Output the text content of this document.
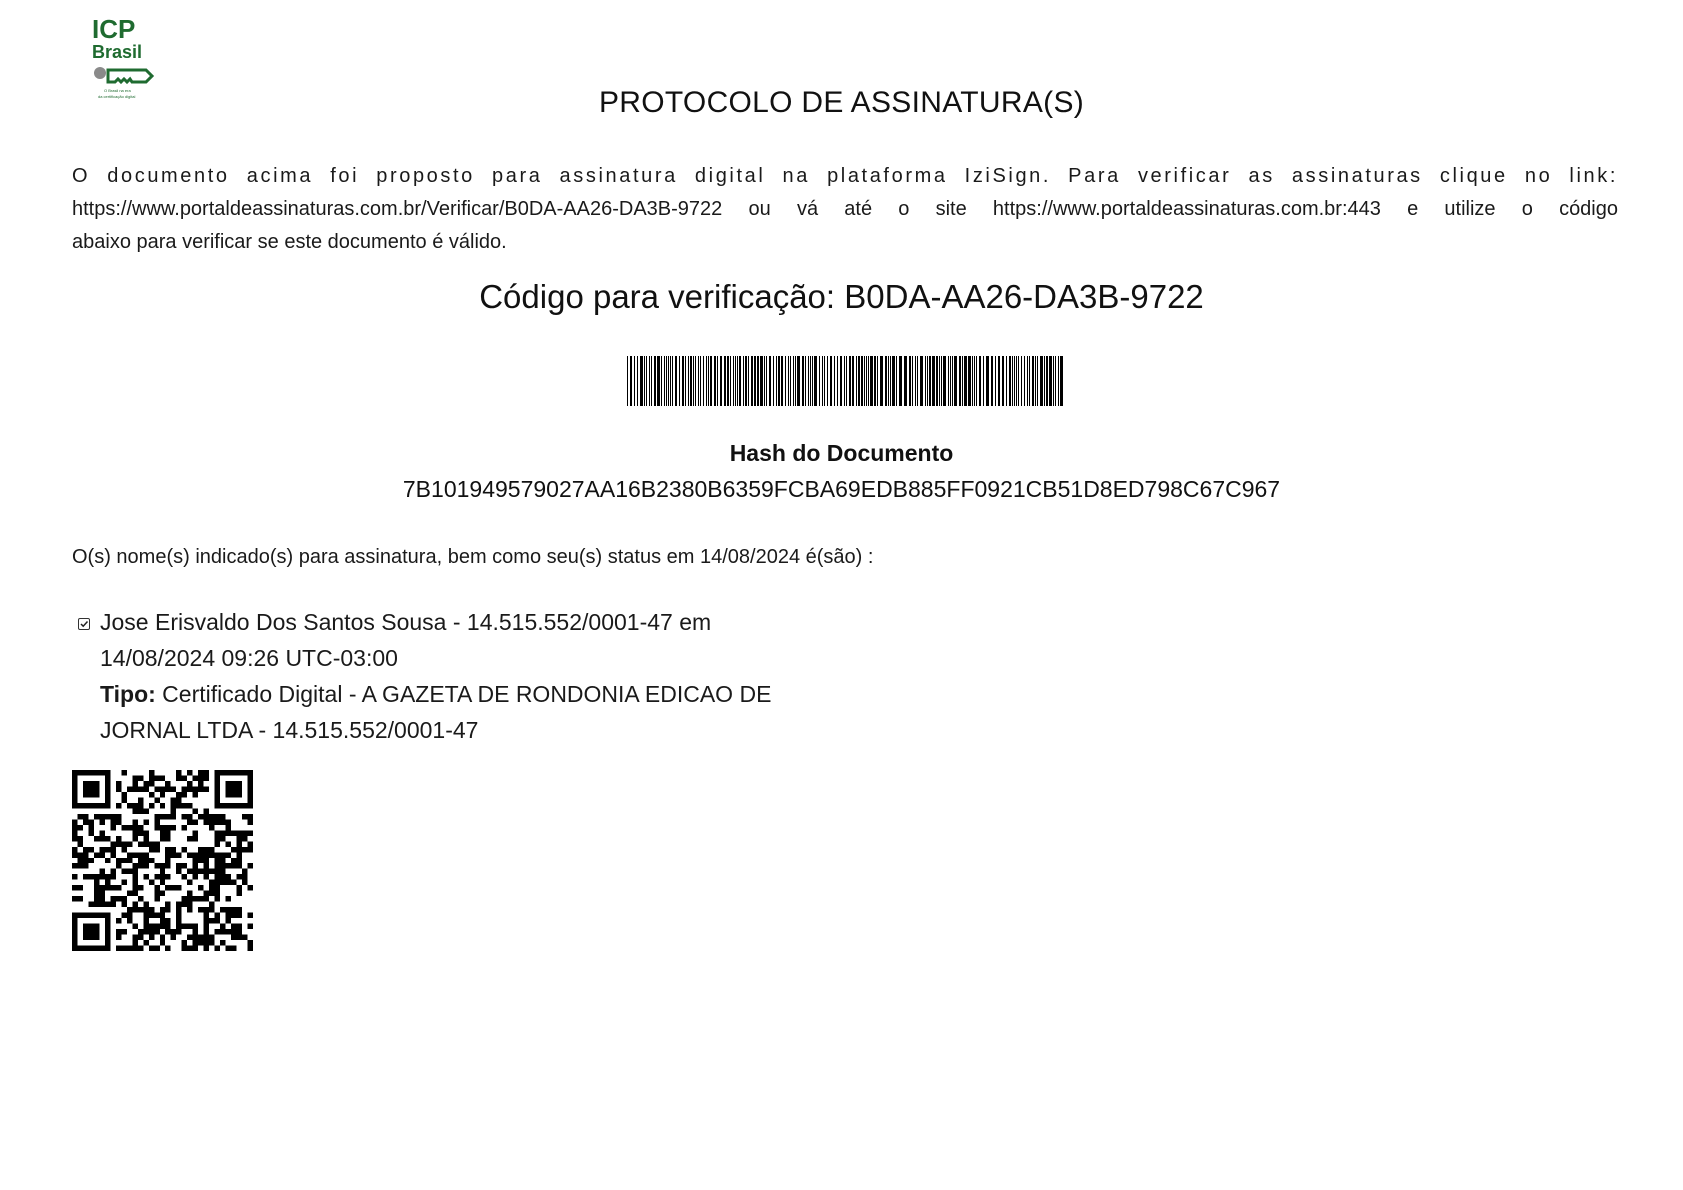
ICP
Brasil
O Brasil na era
da certificação digital	PROTOCOLO DE ASSINATURA(S)
O documento acima foi proposto para assinatura digital na plataforma IziSign. Para verificar as assinaturas clique no link:
https://www.portaldeassinaturas.com.br/Verificar/B0DA-AA26-DA3B-9722 ou vá até o site https://www.portaldeassinaturas.com.br:443 e utilize o código
abaixo para verificar se este documento é válido.
Código para verificação: B0DA-AA26-DA3B-9722
Hash do Documento
7B101949579027AA16B2380B6359FCBA69EDB885FF0921CB51D8ED798C67C967
O(s) nome(s) indicado(s) para assinatura, bem como seu(s) status em 14/08/2024 é(são) :
Jose Erisvaldo Dos Santos Sousa - 14.515.552/0001-47 em
14/08/2024 09:26 UTC-03:00
Tipo: Certificado Digital - A GAZETA DE RONDONIA EDICAO DE
JORNAL LTDA - 14.515.552/0001-47
